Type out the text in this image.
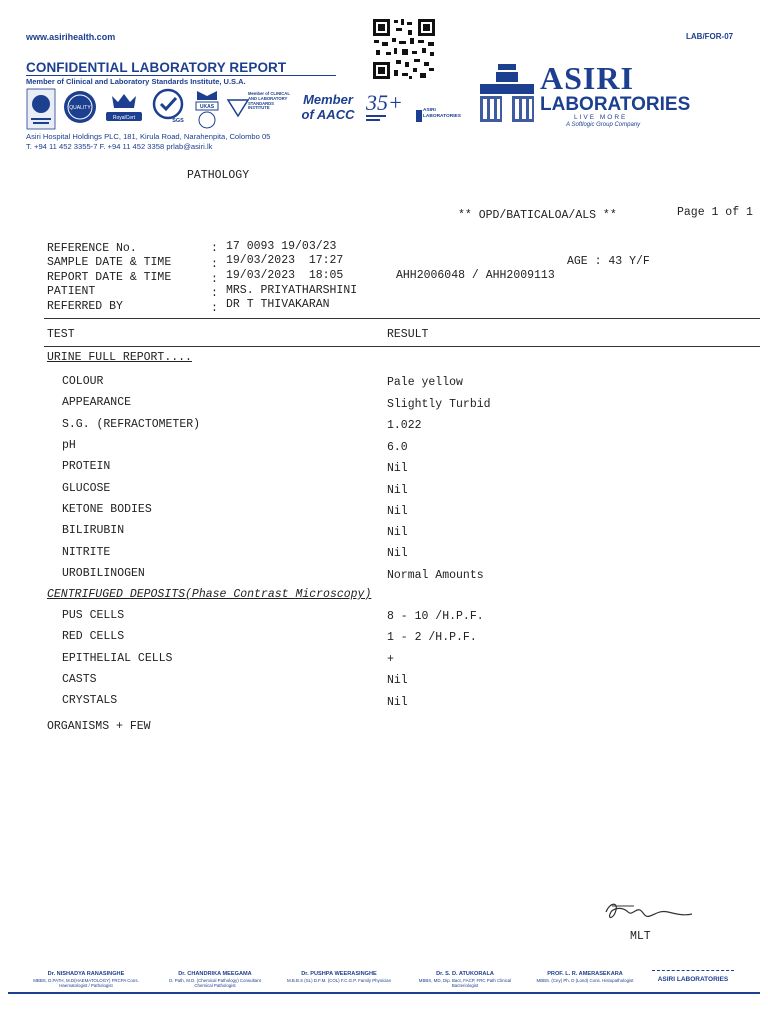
www.asirihealth.com	LAB/FOR-07
CONFIDENTIAL LABORATORY REPORT
Member of Clinical and Laboratory Standards Institute, U.S.A.
QUALITY
RoyalCert	SGS
UKAS
Member of CLINICAL AND LABORATORY STANDARDS INSTITUTE
Member of AACC 35+	ASIRI LABORATORIES
Asiri Hospital Holdings PLC, 181, Kirula Road, Narahenpita, Colombo 05
T. +94 11 452 3355-7 F. +94 11 452 3358 prlab@asiri.lk
ASIRI
LABORATORIES
LIVE MORE
A Softlogic Group Company
PATHOLOGY
** OPD/BATICALOA/ALS **	Page 1 of 1
REFERENCE No.	: 17 0093 19/03/23
SAMPLE DATE & TIME	: 19/03/2023  17:27
REPORT DATE & TIME	: 19/03/2023  18:05
PATIENT	: MRS. PRIYATHARSHINI
REFERRED BY	: DR T THIVAKARAN
AGE : 43 Y/F
AHH2006048 / AHH2009113
TEST	RESULT
URINE FULL REPORT....
COLOUR	Pale yellow
APPEARANCE	Slightly Turbid
S.G. (REFRACTOMETER)	1.022
pH	6.0
PROTEIN	Nil
GLUCOSE	Nil
KETONE BODIES	Nil
BILIRUBIN	Nil
NITRITE	Nil
UROBILINOGEN	Normal Amounts
CENTRIFUGED DEPOSITS(Phase Contrast Microscopy)
PUS CELLS	8 - 10 /H.P.F.
RED CELLS	1 - 2 /H.P.F.
EPITHELIAL CELLS	+
CASTS	Nil
CRYSTALS	Nil
ORGANISMS + FEW
MLT
Dr. NISHADYA RANASINGHE
MBBS, D.PATH, M.D(HAEMATOLOGY) FRCPA Cons. Haematologist / Pathologist
Dr. CHANDRIKA MEEGAMA
D. Path, M.D. (Chemical Pathology) Consultant Chemical Pathologist
Dr. PUSHPA WEERASINGHE
M.B.B.S (SL) D.F.M. (COL) F.C.G.P. Family Physician
Dr. S. D. ATUKORALA
MBBS, MD, Dip. Bact, FACP, FRC Path Clinical Bacteriologist
PROF. L. R. AMERASEKARA
MBBS. (Cey) Ph. D (Lond) Cons. Histopathologist	ASIRI LABORATORIES
